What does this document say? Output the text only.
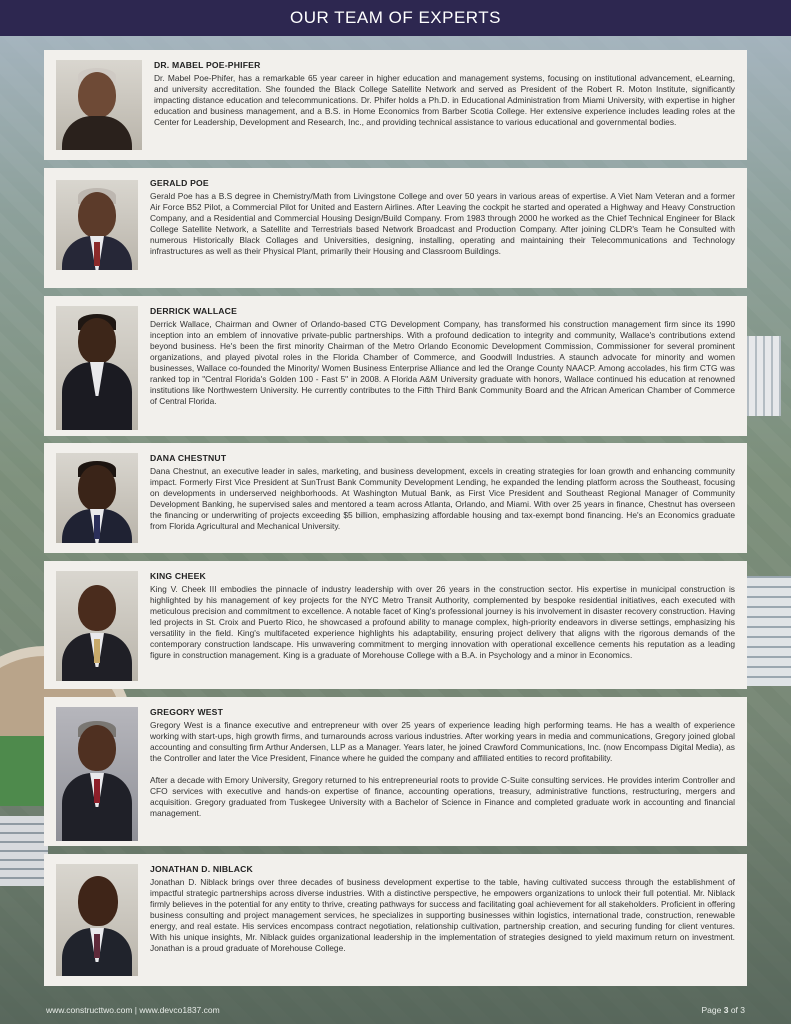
OUR TEAM OF EXPERTS

DR. MABEL POE-PHIFER

Dr. Mabel Poe-Phifer, has a remarkable 65 year career in higher education and management systems, focusing on institutional advancement, eLearning, and university accreditation. She founded the Black College Satellite Network and served as President of the Robert R. Moton Institute, significantly impacting distance education and telecommunications. Dr. Phifer holds a Ph.D. in Educational Administration from Miami University, with expertise in higher education and business management, and a B.S. in Home Economics from Barber Scotia College. Her extensive experience includes leading roles at the Center for Leadership, Development and Research, Inc., and providing technical assistance to various educational and governmental bodies.

GERALD POE

Gerald Poe has a B.S degree in Chemistry/Math from Livingstone College and over 50 years in various areas of expertise. A Viet Nam Veteran and a former Air Force B52 Pilot, a Commercial Pilot for United and Eastern Airlines. After Leaving the cockpit he started and operated a Highway and Heavy Construction Company, and a Residential and Commercial Housing Design/Build Company. From 1983 through 2000 he worked as the Chief Technical Engineer for Black College Satellite Network, a Satellite and Terrestrials based Network Broadcast and Production Company. After joining CLDR's Team he Consulted with numerous Historically Black Collages and Universities, designing, installing, operating and maintaining their Telecommunications and Technology infrastructures as well as their Physical Plant, primarily their Housing and Classroom Buildings.

DERRICK WALLACE

Derrick Wallace, Chairman and Owner of Orlando-based CTG Development Company, has transformed his construction management firm since its 1990 inception into an emblem of innovative private-public partnerships. With a profound dedication to integrity and community, Wallace's contributions extend beyond business. He's been the first minority Chairman of the Metro Orlando Economic Development Commission, Commissioner for several prominent organizations, and played pivotal roles in the Florida Chamber of Commerce, and Goodwill Industries. A staunch advocate for minority and women businesses, Wallace co-founded the Minority/ Women Business Enterprise Alliance and led the Orange County NAACP. Among accolades, his firm CTG was ranked top in "Central Florida's Golden 100 - Fast 5" in 2008. A Florida A&M University graduate with honors, Wallace continued his education at renowned institutions like Northwestern University. He currently contributes to the Fifth Third Bank Community Board and the African American Chamber of Commerce of Central Florida.

DANA CHESTNUT

Dana Chestnut, an executive leader in sales, marketing, and business development, excels in creating strategies for loan growth and enhancing community impact. Formerly First Vice President at SunTrust Bank Community Development Lending, he expanded the lending platform across the Southeast, focusing on developments in underserved neighborhoods. At Washington Mutual Bank, as First Vice President and Southeast Regional Manager of Community Development Banking, he supervised sales and mentored a team across Atlanta, Orlando, and Miami. With over 25 years in finance, Chestnut has overseen the financing or underwriting of projects exceeding $5 billion, emphasizing affordable housing and tax-exempt bond financing. He's an Economics graduate from Florida Agricultural and Mechanical University.

KING CHEEK

King V. Cheek III embodies the pinnacle of industry leadership with over 26 years in the construction sector. His expertise in municipal construction is highlighted by his management of key projects for the NYC Metro Transit Authority, complemented by bespoke residential initiatives, each executed with meticulous precision and commitment to excellence. A notable facet of King's professional journey is his involvement in disaster recovery construction. Having led projects in St. Croix and Puerto Rico, he showcased a profound ability to manage complex, high-priority endeavors in diverse settings, emphasizing his versatility in the field. King's multifaceted experience highlights his adaptability, ensuring project delivery that aligns with the rigorous demands of the contemporary construction landscape. His unwavering commitment to merging innovation with operational excellence cements his reputation as a leading figure in construction management. King is a graduate of Morehouse College with a B.A. in Psychology and a minor in Economics.

GREGORY WEST

Gregory West is a finance executive and entrepreneur with over 25 years of experience leading high performing teams. He has a wealth of experience working with start-ups, high growth firms, and turnarounds across various industries. After working years in media and communications, Gregory joined global accounting and consulting firm Arthur Andersen, LLP as a Manager. Years later, he joined Crawford Communications, Inc. (now Encompass Digital Media), as the Controller and later the Vice President, Finance where he guided the company and affiliated entities to record profitability.

After a decade with Emory University, Gregory returned to his entrepreneurial roots to provide C-Suite consulting services. He provides interim Controller and CFO services with executive and hands-on expertise of finance, accounting operations, treasury, administrative functions, restructuring, mergers and acquisition. Gregory graduated from Tuskegee University with a Bachelor of Science in Finance and completed graduate work in accounting and financial management.

JONATHAN D. NIBLACK

Jonathan D. Niblack brings over three decades of business development expertise to the table, having cultivated success through the establishment of impactful strategic partnerships across diverse industries. With a distinctive perspective, he empowers organizations to unlock their full potential. Mr. Niblack firmly believes in the potential for any entity to thrive, creating pathways for success and facilitating goal achievement for all stakeholders. Proficient in offering business consulting and project management services, he specializes in supporting businesses within logistics, international trade, construction, renewable energy, and real estate. His services encompass contract negotiation, relationship cultivation, partnership creation, and securing funding for client ventures. With his unique insights, Mr. Niblack guides organizational leadership in the implementation of strategies designed to yield maximum return on investment. Jonathan is a proud graduate of Morehouse College.

www.constructtwo.com | www.devco1837.com	Page 3 of 3
